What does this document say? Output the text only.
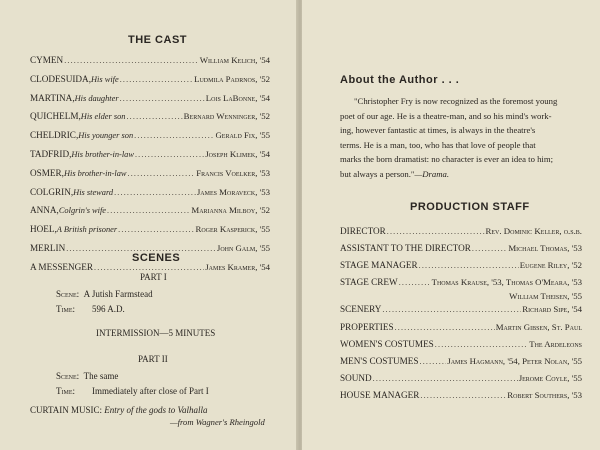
THE CAST
CYMEN .....	William Kelich, '54
CLODESUIDA, His wife .....	Ludmila Padrnos, '52
MARTINA, His daughter .....	Lois LaBonne, '54
QUICHELM, His elder son .....	Bernard Wenninger, '52
CHELDRIC, His younger son .....	Gerald Fix, '55
TADFRID, His brother-in-law .....	Joseph Klimek, '54
OSMER, His brother-in-law .....	Francis Voelker, '53
COLGRIN, His steward .....	James Moraveck, '53
ANNA, Colgrin's wife .....	Marianna Milboy, '52
HOEL, A British prisoner .....	Roger Kasperick, '55
MERLIN .....	John Galm, '55
A MESSENGER .....	James Kramer, '54
SCENES
PART I
Scene: A Jutish Farmstead
Time: 596 A.D.
INTERMISSION—5 MINUTES
PART II
Scene: The same
Time: Immediately after close of Part I
CURTAIN MUSIC: Entry of the gods to Valhalla
—from Wagner's Rheingold
About the Author . . .
"Christopher Fry is now recognized as the foremost young
poet of our age. He is a theatre-man, and so his mind's work-
ing, however fantastic at times, is always in the theatre's
terms. He is a man, too, who has that love of people that
marks the born dramatist: no character is ever an idea to him;
but always a person."—Drama.
PRODUCTION STAFF
DIRECTOR .....	Rev. Dominic Keller, o.s.b.
ASSISTANT TO THE DIRECTOR .....	Michael Thomas, '53
STAGE MANAGER .....	Eugene Riley, '52
STAGE CREW .....	Thomas Krause, '53, Thomas O'Meara, '53
William Theisen, '55
SCENERY .....	Richard Sipe, '54
PROPERTIES .....	Martin Gibsen, St. Paul
WOMEN'S COSTUMES .....	The Ardeleons
MEN'S COSTUMES .....	James Hagmann, '54, Peter Nolan, '55
SOUND .....	Jerome Coyle, '55
HOUSE MANAGER .....	Robert Southers, '53
